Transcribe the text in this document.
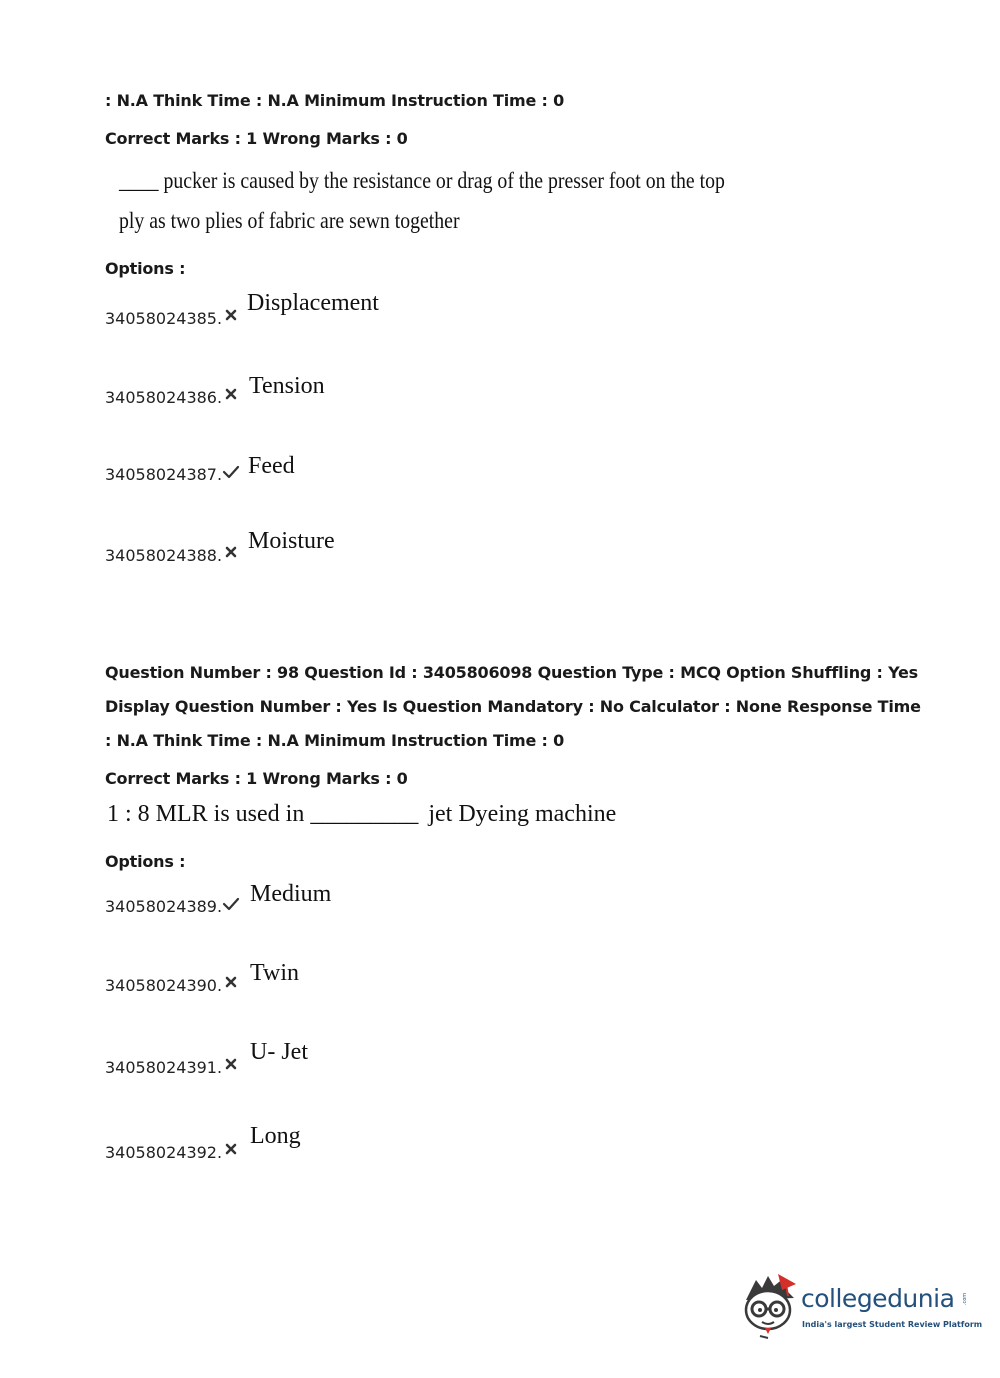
: N.A Think Time : N.A Minimum Instruction Time : 0
Correct Marks : 1 Wrong Marks : 0
____ pucker is caused by the resistance or drag of the presser foot on the top
ply as two plies of fabric are sewn together
Options :
34058024385.
Displacement
34058024386. Tension
34058024387. Feed
34058024388.
Moisture
Question Number : 98 Question Id : 3405806098 Question Type : MCQ Option Shuffling : Yes
Display Question Number : Yes Is Question Mandatory : No Calculator : None Response Time
: N.A Think Time : N.A Minimum Instruction Time : 0
Correct Marks : 1 Wrong Marks : 0
1 : 8 MLR is used in _________ jet Dyeing machine
Options :
34058024389. Medium
34058024390. Twin
34058024391.
U- Jet
34058024392.
Long
collegedunia .com
India's largest Student Review Platform
